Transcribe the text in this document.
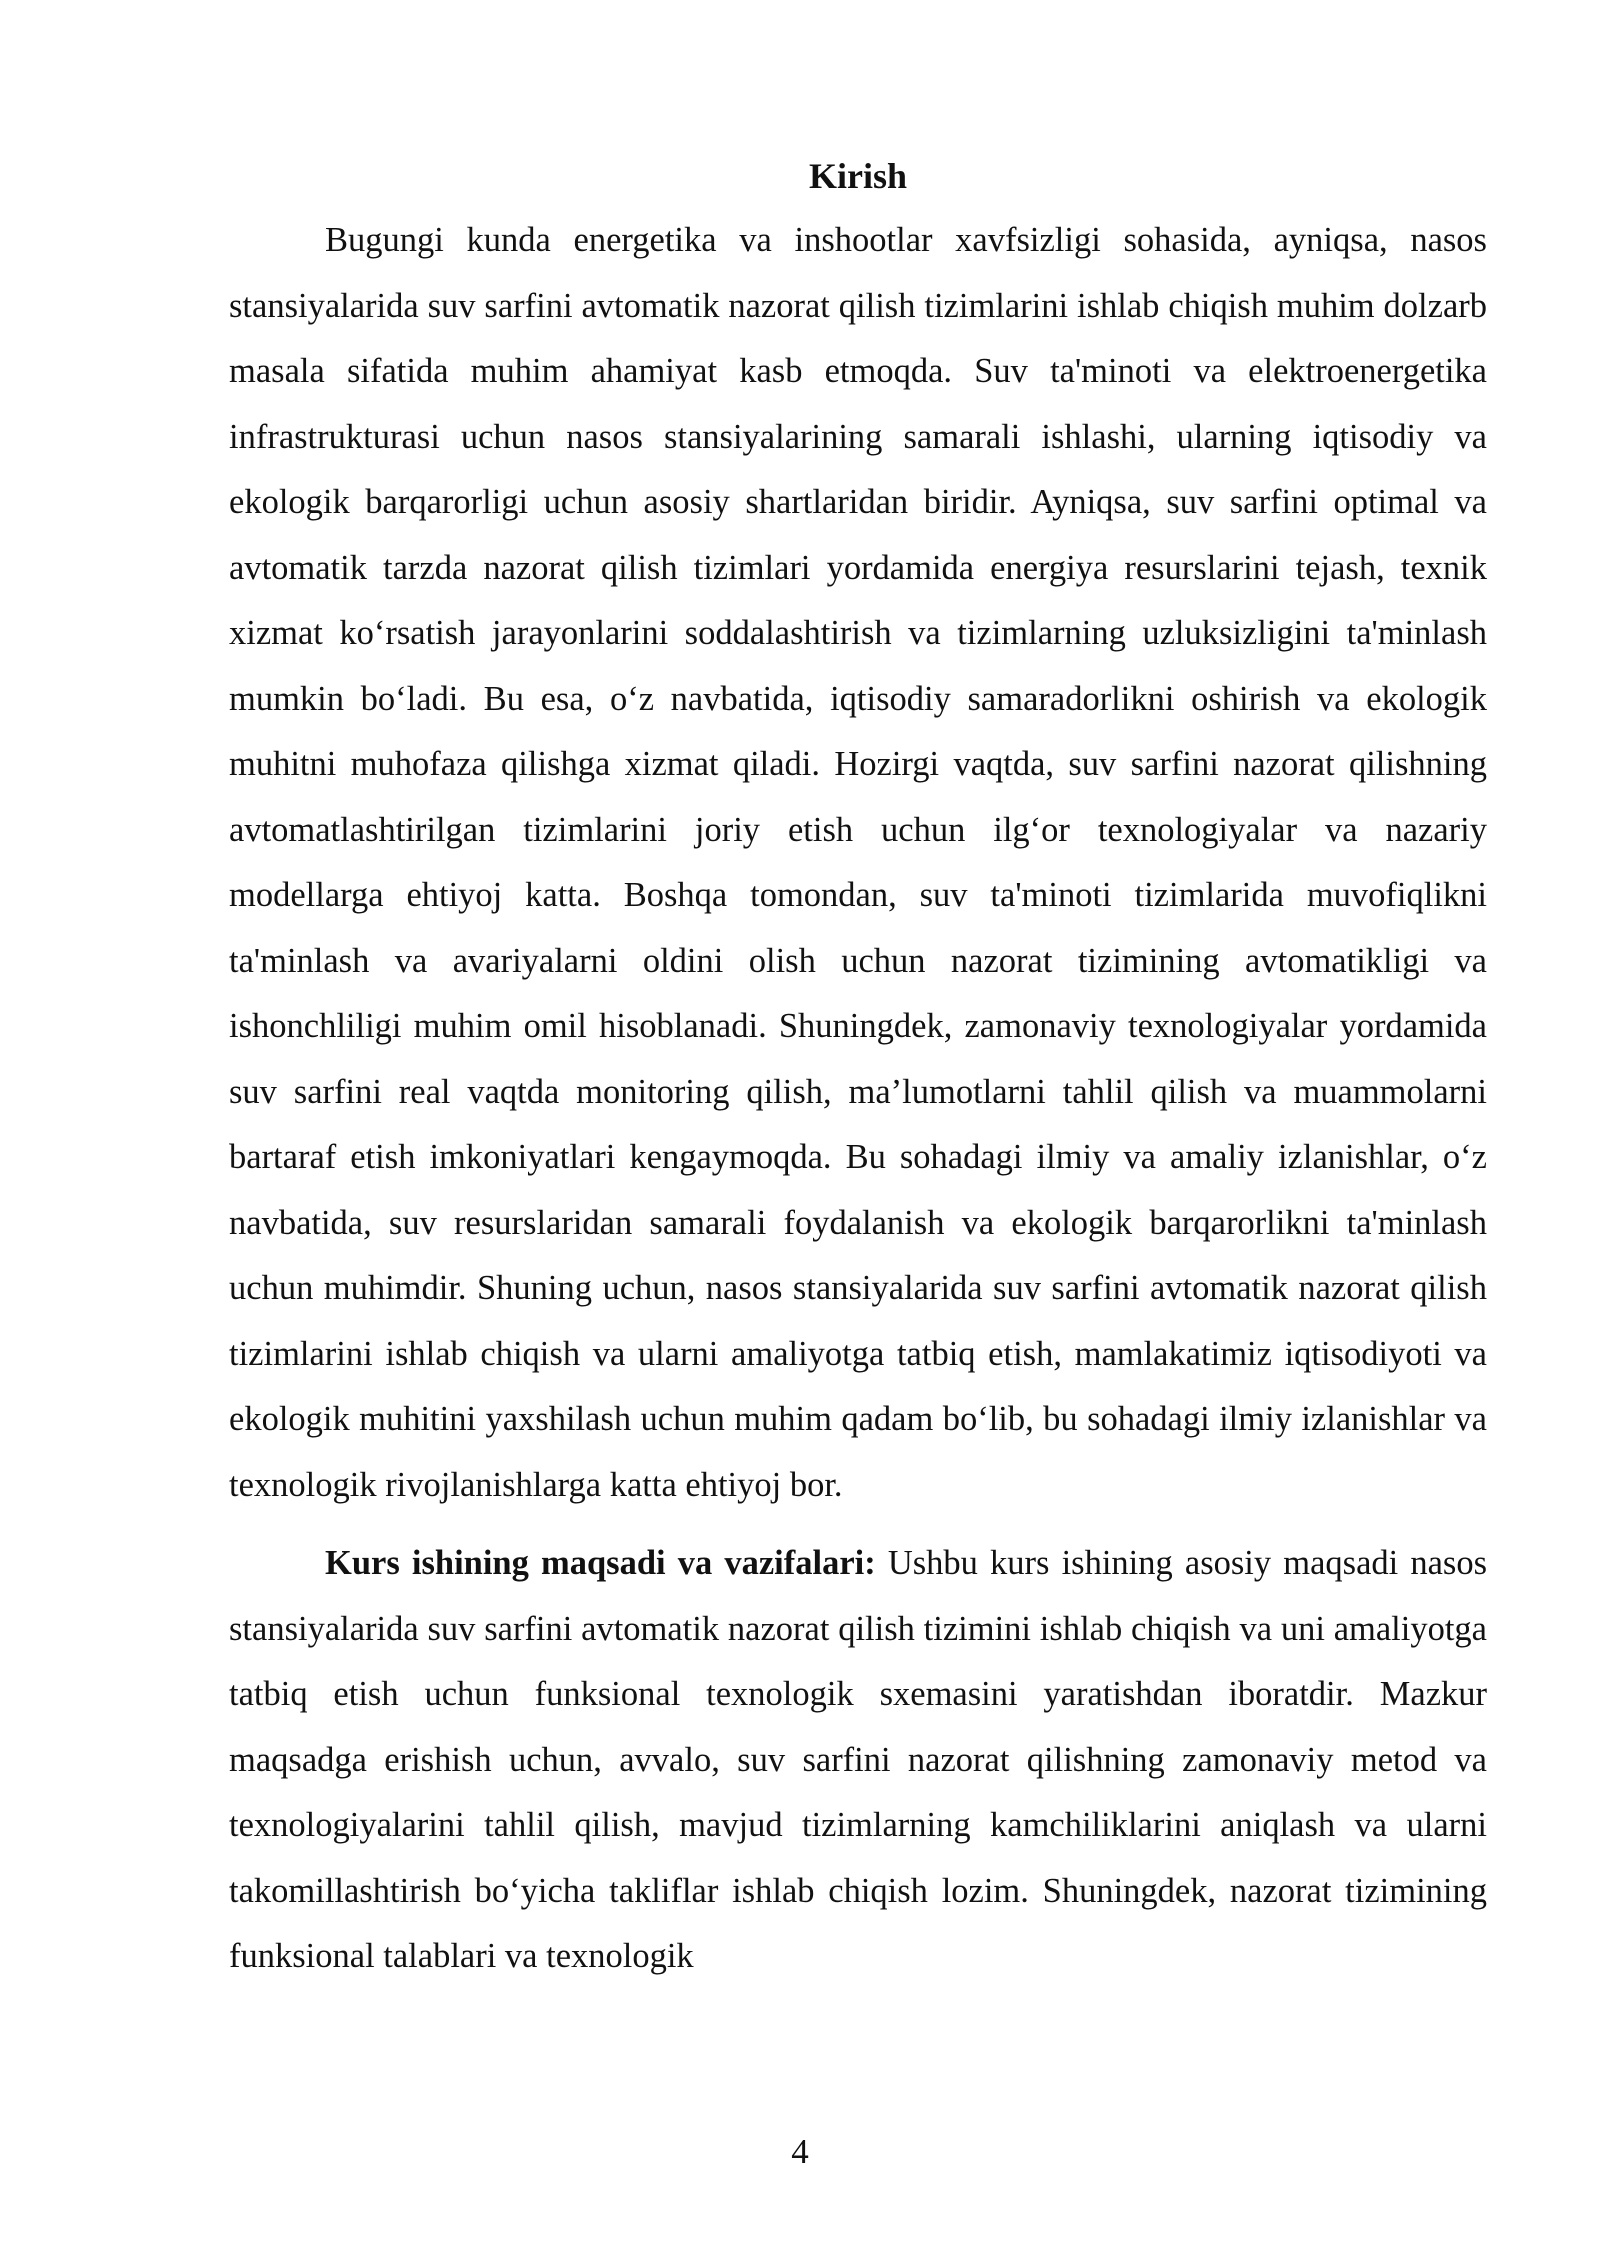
Kirish

Bugungi kunda energetika va inshootlar xavfsizligi sohasida, ayniqsa, nasos stansiyalarida suv sarfini avtomatik nazorat qilish tizimlarini ishlab chiqish muhim dolzarb masala sifatida muhim ahamiyat kasb etmoqda. Suv ta'minoti va elektroenergetika infrastrukturasi uchun nasos stansiyalarining samarali ishlashi, ularning iqtisodiy va ekologik barqarorligi uchun asosiy shartlaridan biridir. Ayniqsa, suv sarfini optimal va avtomatik tarzda nazorat qilish tizimlari yordamida energiya resurslarini tejash, texnik xizmat koʻrsatish jarayonlarini soddalashtirish va tizimlarning uzluksizligini ta'minlash mumkin boʻladi. Bu esa, oʻz navbatida, iqtisodiy samaradorlikni oshirish va ekologik muhitni muhofaza qilishga xizmat qiladi. Hozirgi vaqtda, suv sarfini nazorat qilishning avtomatlashtirilgan tizimlarini joriy etish uchun ilgʻor texnologiyalar va nazariy modellarga ehtiyoj katta. Boshqa tomondan, suv ta'minoti tizimlarida muvofiqlikni ta'minlash va avariyalarni oldini olish uchun nazorat tizimining avtomatikligi va ishonchliligi muhim omil hisoblanadi. Shuningdek, zamonaviy texnologiyalar yordamida suv sarfini real vaqtda monitoring qilish, ma’lumotlarni tahlil qilish va muammolarni bartaraf etish imkoniyatlari kengaymoqda. Bu sohadagi ilmiy va amaliy izlanishlar, oʻz navbatida, suv resurslaridan samarali foydalanish va ekologik barqarorlikni ta'minlash uchun muhimdir. Shuning uchun, nasos stansiyalarida suv sarfini avtomatik nazorat qilish tizimlarini ishlab chiqish va ularni amaliyotga tatbiq etish, mamlakatimiz iqtisodiyoti va ekologik muhitini yaxshilash uchun muhim qadam boʻlib, bu sohadagi ilmiy izlanishlar va texnologik rivojlanishlarga katta ehtiyoj bor.

Kurs ishining maqsadi va vazifalari: Ushbu kurs ishining asosiy maqsadi nasos stansiyalarida suv sarfini avtomatik nazorat qilish tizimini ishlab chiqish va uni amaliyotga tatbiq etish uchun funksional texnologik sxemasini yaratishdan iboratdir. Mazkur maqsadga erishish uchun, avvalo, suv sarfini nazorat qilishning zamonaviy metod va texnologiyalarini tahlil qilish, mavjud tizimlarning kamchiliklarini aniqlash va ularni takomillashtirish boʻyicha takliflar ishlab chiqish lozim. Shuningdek, nazorat tizimining funksional talablari va texnologik

4
